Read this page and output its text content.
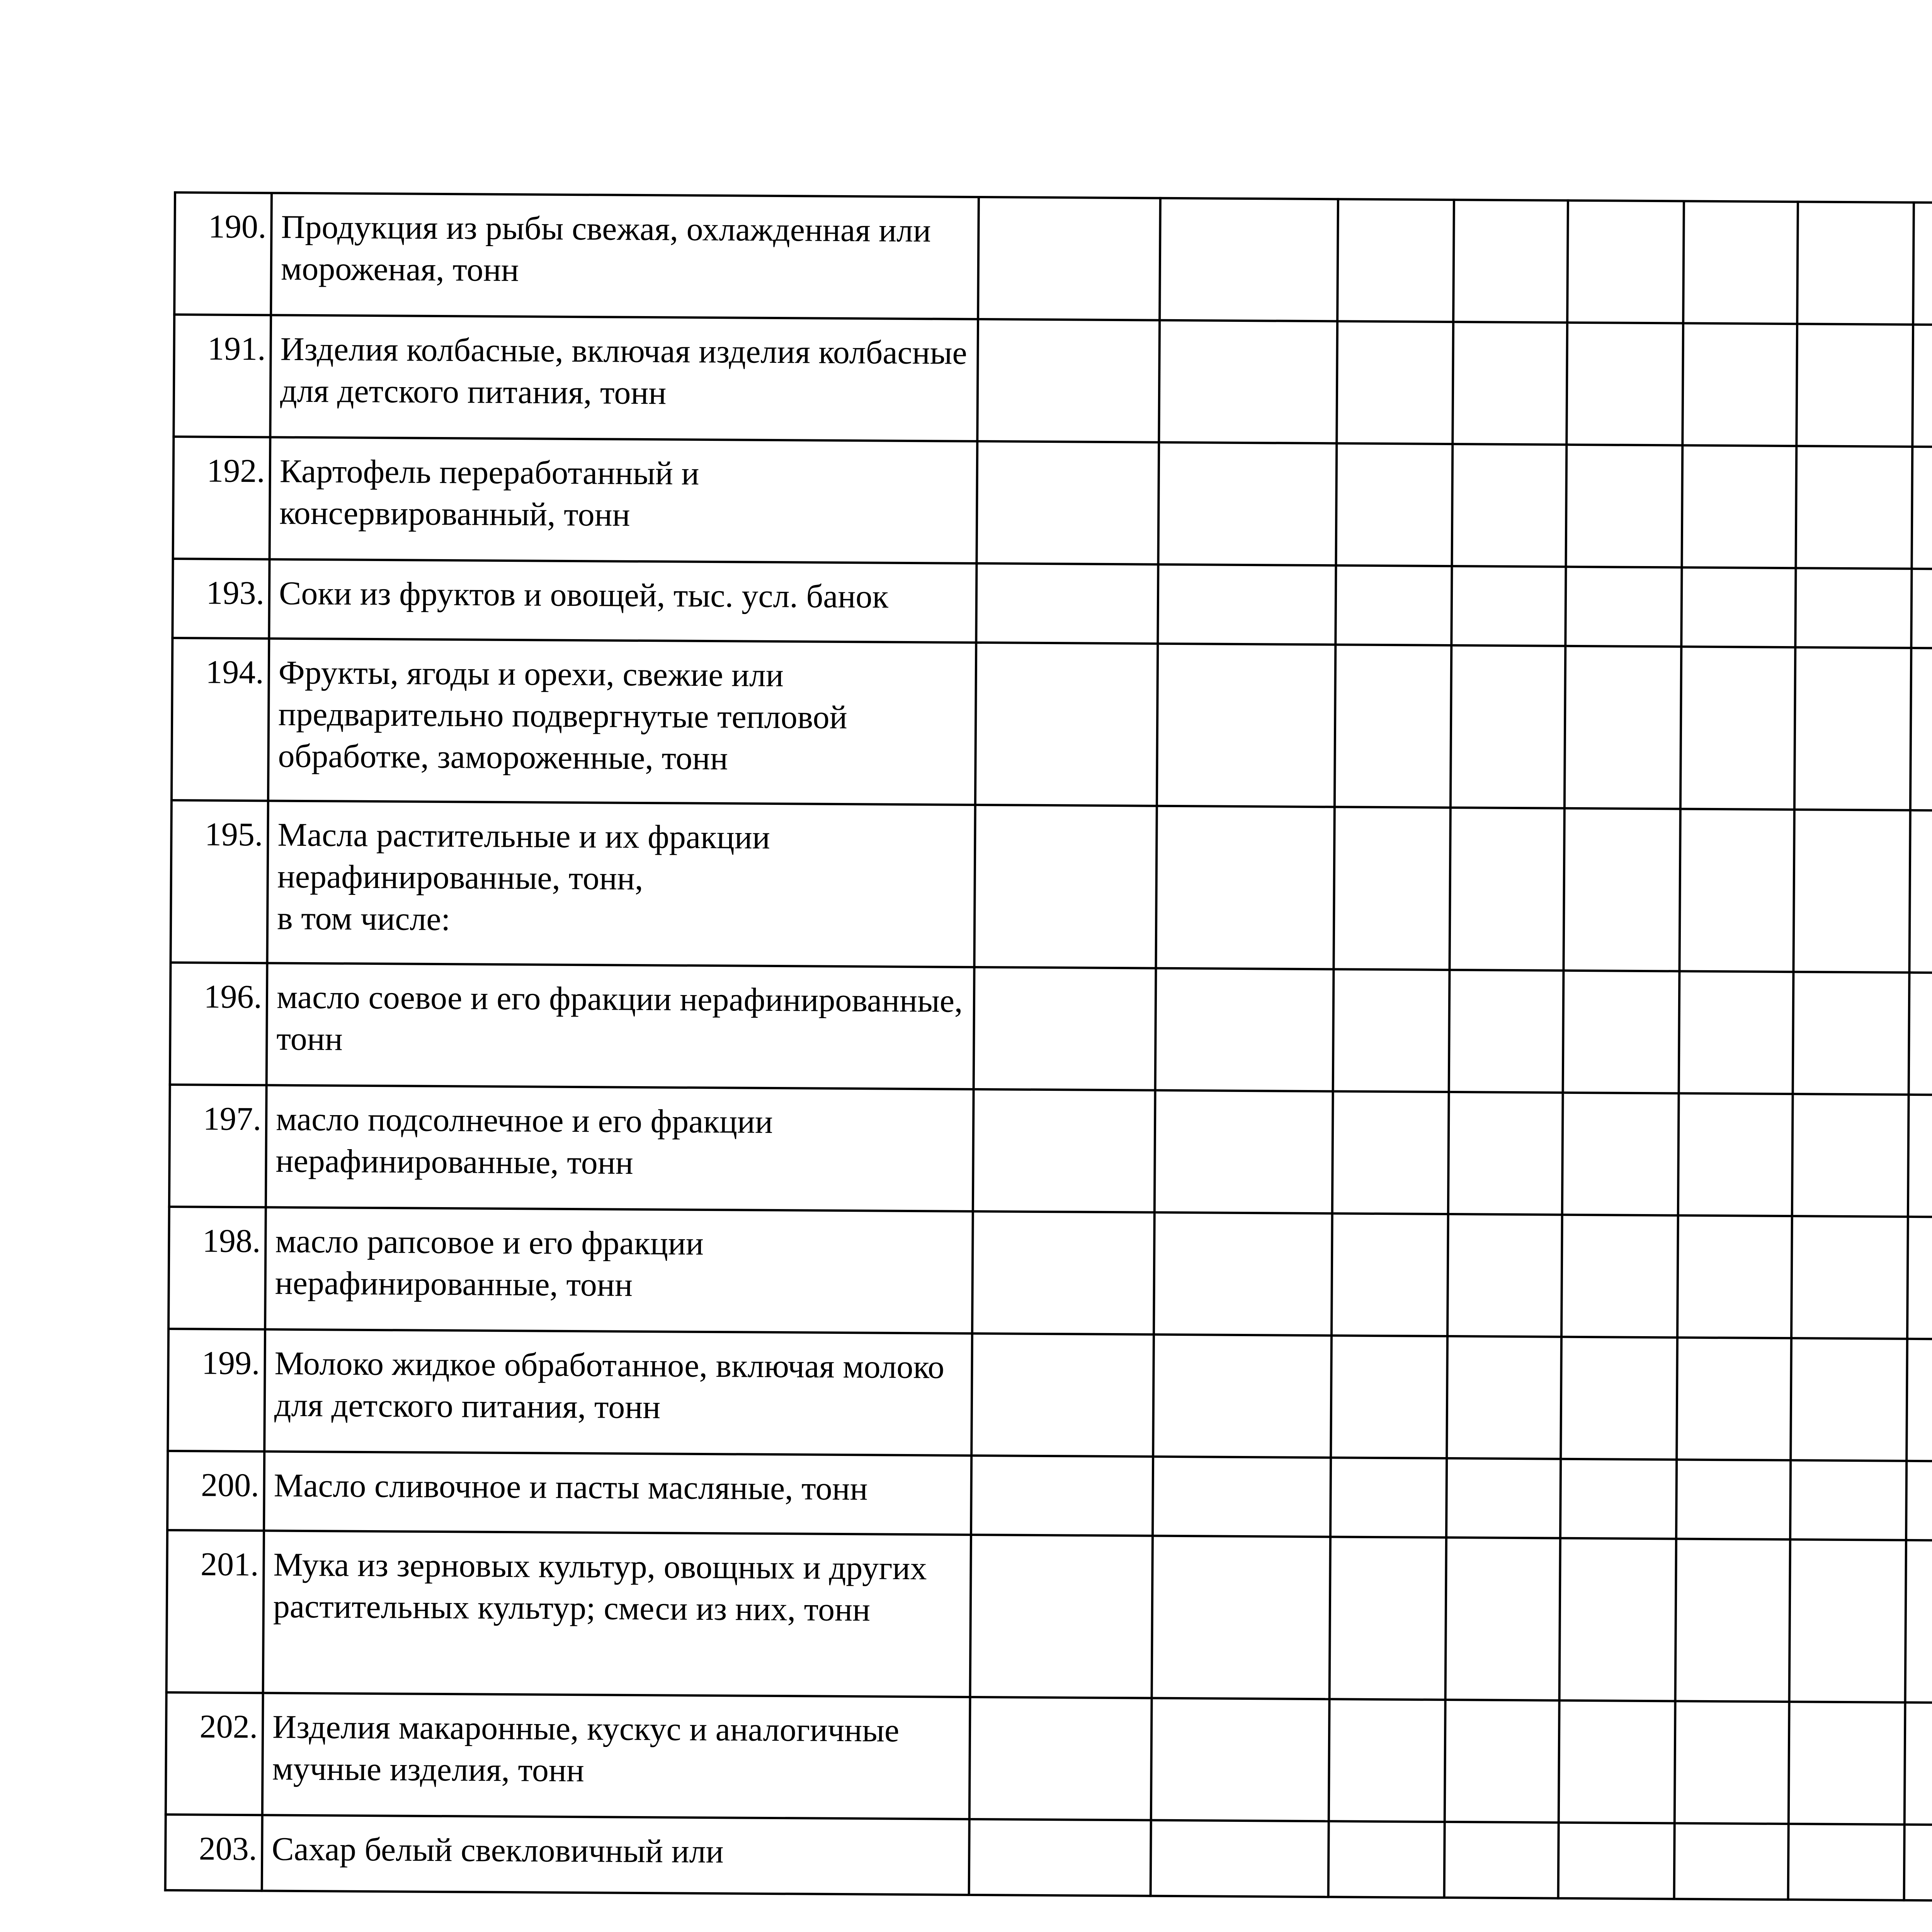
190.	Продукция из рыбы свежая, охлажденная или мороженая, тонн														
191.	Изделия колбасные, включая изделия колбасные для детского питания, тонн														
192.	Картофель переработанный и консервированный, тонн														
193.	Соки из фруктов и овощей, тыс. усл. банок														
194.	Фрукты, ягоды и орехи, свежие или предварительно подвергнутые тепловой обработке, замороженные, тонн														
195.	Масла растительные и их фракции нерафинированные, тонн,
в том числе:														
196.	масло соевое и его фракции нерафинированные, тонн														
197.	масло подсолнечное и его фракции нерафинированные, тонн														
198.	масло рапсовое и его фракции нерафинированные, тонн														
199.	Молоко жидкое обработанное, включая молоко для детского питания, тонн														
200.	Масло сливочное и пасты масляные, тонн														
201.	Мука из зерновых культур, овощных и других растительных культур; смеси из них, тонн														
202.	Изделия макаронные, кускус и аналогичные мучные изделия, тонн														
203.	Сахар белый свекловичный или														
